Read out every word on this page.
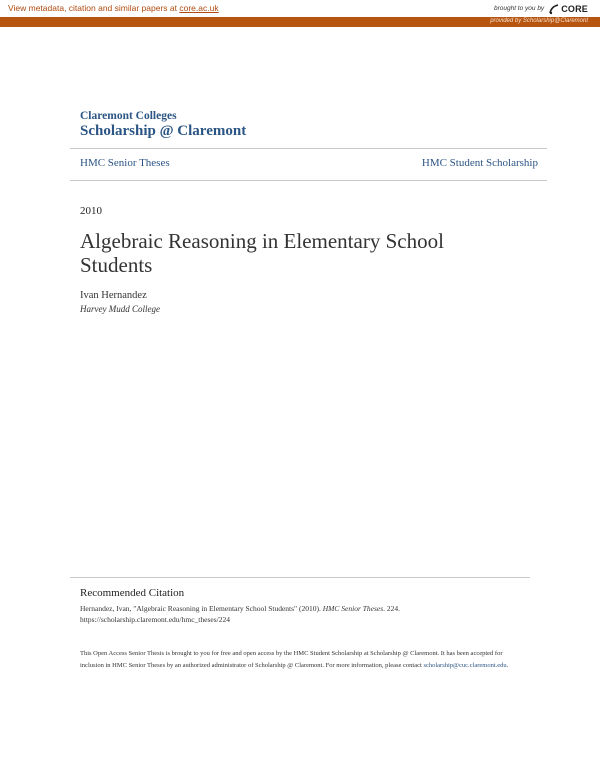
View metadata, citation and similar papers at core.ac.uk	brought to you by CORE
provided by Scholarship@Claremont
Claremont Colleges
Scholarship @ Claremont
HMC Senior Theses	HMC Student Scholarship
2010
Algebraic Reasoning in Elementary School Students
Ivan Hernandez
Harvey Mudd College
Recommended Citation
Hernandez, Ivan, "Algebraic Reasoning in Elementary School Students" (2010). HMC Senior Theses. 224.
https://scholarship.claremont.edu/hmc_theses/224
This Open Access Senior Thesis is brought to you for free and open access by the HMC Student Scholarship at Scholarship @ Claremont. It has been accepted for inclusion in HMC Senior Theses by an authorized administrator of Scholarship @ Claremont. For more information, please contact scholarship@cuc.claremont.edu.
